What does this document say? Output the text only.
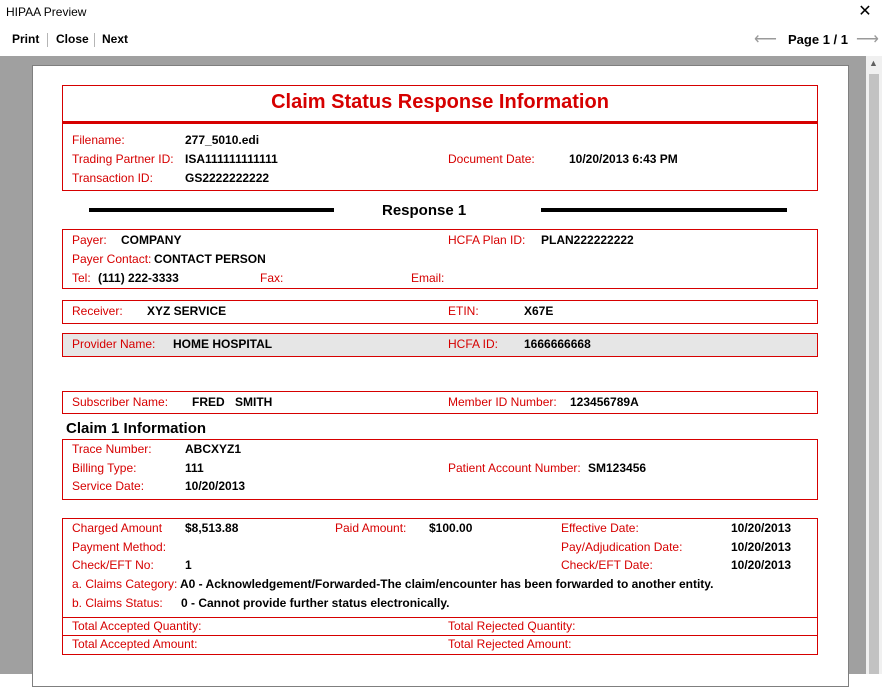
HIPAA Preview	✕
Print Close Next	⟵ Page 1 / 1 ⟶
▲
Claim Status Response Information
Filename:	277_5010.edi
Trading Partner ID: ISA111111111111	Document Date:	10/20/2013 6:43 PM
Transaction ID:	GS2222222222
Response 1
Payer: COMPANY	HCFA Plan ID: PLAN222222222
Payer Contact: CONTACT PERSON
Tel: (111) 222-3333	Fax:	Email:
Receiver: XYZ SERVICE	ETIN:	X67E
Provider Name: HOME HOSPITAL	HCFA ID: 1666666668
Subscriber Name: FRED SMITH	Member ID Number: 123456789A
Claim 1 Information
Trace Number:	ABCXYZ1
Billing Type:	111	Patient Account Number: SM123456
Service Date:	10/20/2013
Charged Amount $8,513.88	Paid Amount: $100.00	Effective Date:	10/20/2013
Payment Method:	Pay/Adjudication Date:	10/20/2013
Check/EFT No:	1	Check/EFT Date:	10/20/2013
a. Claims Category: A0 - Acknowledgement/Forwarded-The claim/encounter has been forwarded to another entity.
b. Claims Status: 0 - Cannot provide further status electronically.
Total Accepted Quantity:	Total Rejected Quantity:
Total Accepted Amount:	Total Rejected Amount:
